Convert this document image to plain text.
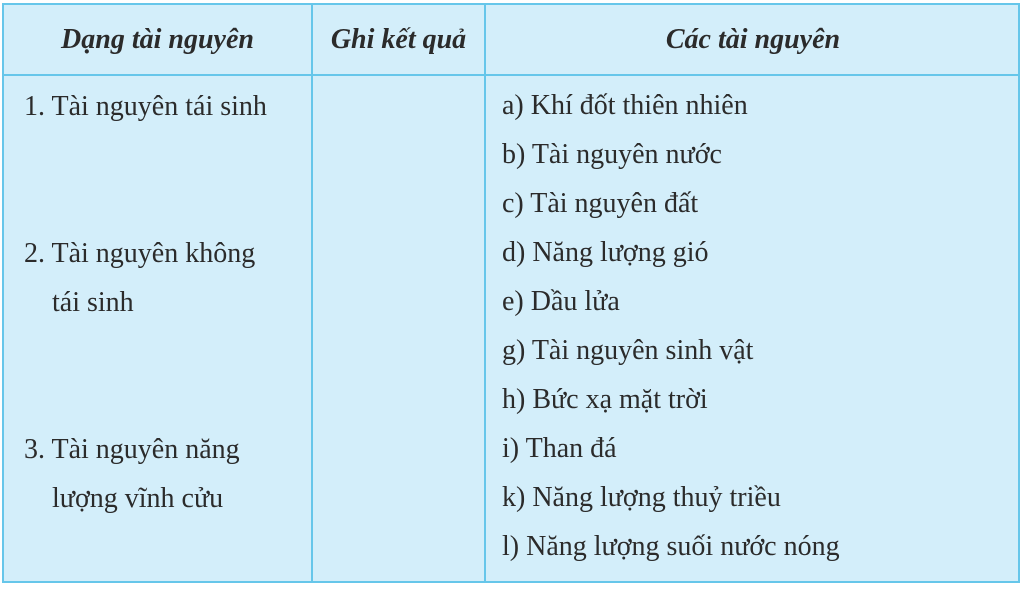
Dạng tài nguyên	Ghi kết quả	Các tài nguyên
1. Tài nguyên tái sinh
2. Tài nguyên không
tái sinh
3. Tài nguyên năng
lượng vĩnh cửu
a) Khí đốt thiên nhiên
b) Tài nguyên nước
c) Tài nguyên đất
d) Năng lượng gió
e) Dầu lửa
g) Tài nguyên sinh vật
h) Bức xạ mặt trời
i) Than đá
k) Năng lượng thuỷ triều
l) Năng lượng suối nước nóng
